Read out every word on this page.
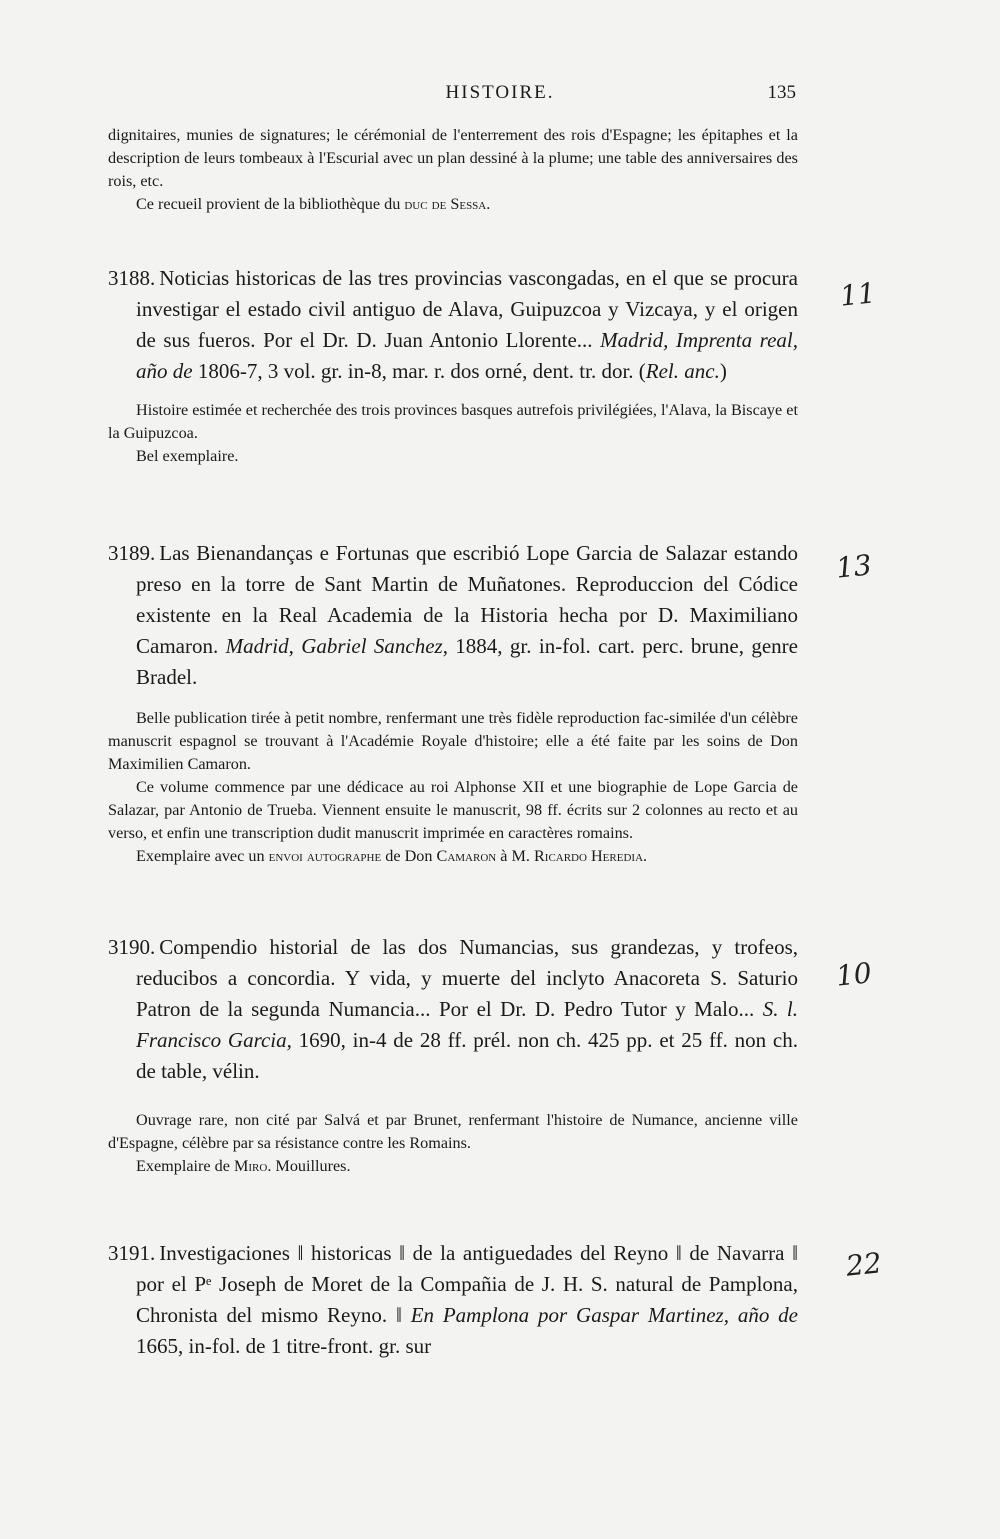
HISTOIRE.	135

dignitaires, munies de signatures; le cérémonial de l'enterrement des rois d'Espagne; les épitaphes et la description de leurs tombeaux à l'Escurial avec un plan dessiné à la plume; une table des anniversaires des rois, etc.

Ce recueil provient de la bibliothèque du duc de Sessa.

3188. Noticias historicas de las tres provincias vascongadas, en el que se procura investigar el estado civil antiguo de Alava, Guipuzcoa y Vizcaya, y el origen de sus fueros. Por el Dr. D. Juan Antonio Llorente... Madrid, Imprenta real, año de 1806-7, 3 vol. gr. in-8, mar. r. dos orné, dent. tr. dor. (Rel. anc.)

Histoire estimée et recherchée des trois provinces basques autrefois privilégiées, l'Alava, la Biscaye et la Guipuzcoa.

Bel exemplaire.

11

3189. Las Bienandanças e Fortunas que escribió Lope Garcia de Salazar estando preso en la torre de Sant Martin de Muñatones. Reproduccion del Códice existente en la Real Academia de la Historia hecha por D. Maximiliano Camaron. Madrid, Gabriel Sanchez, 1884, gr. in-fol. cart. perc. brune, genre Bradel.

Belle publication tirée à petit nombre, renfermant une très fidèle reproduction fac-similée d'un célèbre manuscrit espagnol se trouvant à l'Académie Royale d'histoire; elle a été faite par les soins de Don Maximilien Camaron.

Ce volume commence par une dédicace au roi Alphonse XII et une biographie de Lope Garcia de Salazar, par Antonio de Trueba. Viennent ensuite le manuscrit, 98 ff. écrits sur 2 colonnes au recto et au verso, et enfin une transcription dudit manuscrit imprimée en caractères romains.

Exemplaire avec un envoi autographe de Don Camaron à M. Ricardo Heredia.

13

3190. Compendio historial de las dos Numancias, sus grandezas, y trofeos, reducibos a concordia. Y vida, y muerte del inclyto Anacoreta S. Saturio Patron de la segunda Numancia... Por el Dr. D. Pedro Tutor y Malo... S. l. Francisco Garcia, 1690, in-4 de 28 ff. prél. non ch. 425 pp. et 25 ff. non ch. de table, vélin.

Ouvrage rare, non cité par Salvá et par Brunet, renfermant l'histoire de Numance, ancienne ville d'Espagne, célèbre par sa résistance contre les Romains.

Exemplaire de Miro. Mouillures.

10

3191. Investigaciones ‖ historicas ‖ de la antiguedades del Reyno ‖ de Navarra ‖ por el Pᵉ Joseph de Moret de la Compañia de J. H. S. natural de Pamplona, Chronista del mismo Reyno. ‖ En Pamplona por Gaspar Martinez, año de 1665, in-fol. de 1 titre-front. gr. sur

22
